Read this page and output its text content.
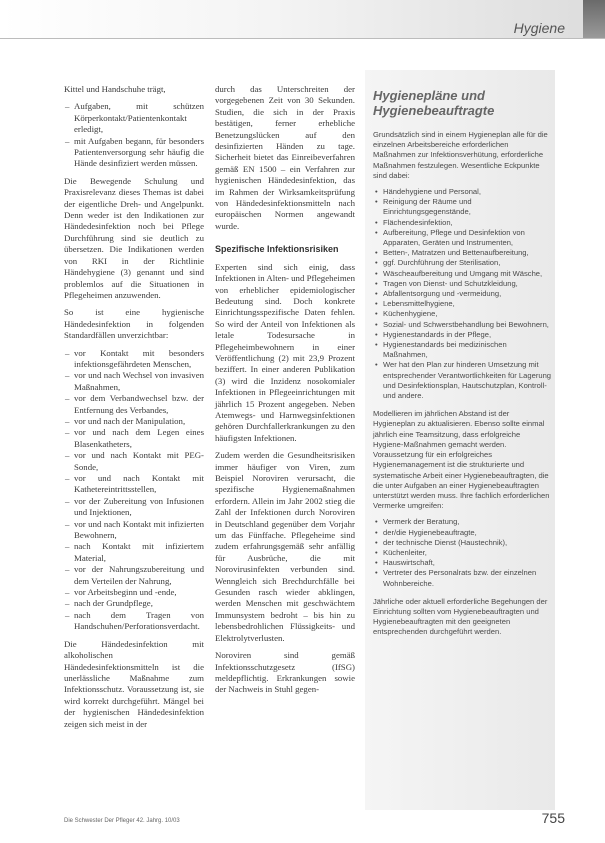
Hygiene

Kittel und Handschuhe trägt,

– Aufgaben, mit schützen Körperkontakt/Patientenkontakt erledigt,
– mit Aufgaben begann, für besonders Patientenversorgung sehr häufig die Hände desinfiziert werden müssen.

Die Bewegende Schulung und Praxisrelevanz dieses Themas ist dabei der eigentliche Dreh- und Angelpunkt. Denn weder ist den Indikationen zur Händedesinfektion noch bei Pflege Durchführung sind sie deutlich zu übersetzen. Die Indikationen werden von RKI in der Richtlinie Händehygiene (3) genannt und sind problemlos auf die Situationen in Pflegeheimen anzuwenden.

So ist eine hygienische Händedesinfektion in folgenden Standardfällen unverzichtbar:

– vor Kontakt mit besonders infektionsgefährdeten Menschen,
– vor und nach Wechsel von invasiven Maßnahmen,
– vor dem Verbandwechsel bzw. der Entfernung des Verbandes,
– vor und nach der Manipulation,
– vor und nach dem Legen eines Blasenkatheters,
– vor und nach Kontakt mit PEG-Sonde,
– vor und nach Kontakt mit Kathetereintrittsstellen,
– vor der Zubereitung von Infusionen und Injektionen,
– vor und nach Kontakt mit infizierten Bewohnern,
– nach Kontakt mit infiziertem Material,
– vor der Nahrungszubereitung und dem Verteilen der Nahrung,
– vor Arbeitsbeginn und -ende,
– nach der Grundpflege,
– nach dem Tragen von Handschuhen/Perforationsverdacht.

Die Händedesinfektion mit alkoholischen Händedesinfektionsmitteln ist die unerlässliche Maßnahme zum Infektionsschutz. Voraussetzung ist, sie wird korrekt durchgeführt. Mängel bei der hygienischen Händedesinfektion zeigen sich meist in der

durch das Unterschreiten der vorgegebenen Zeit von 30 Sekunden. Studien, die sich in der Praxis bestätigen, ferner erhebliche Benetzungslücken auf den desinfizierten Händen zu tage. Sicherheit bietet das Einreibeverfahren gemäß EN 1500 – ein Verfahren zur hygienischen Händedesinfektion, das im Rahmen der Wirksamkeitsprüfung von Händedesinfektionsmitteln nach europäischen Normen angewandt wurde.

Spezifische Infektionsrisiken

Experten sind sich einig, dass Infektionen in Alten- und Pflegeheimen von erheblicher epidemiologischer Bedeutung sind. Doch konkrete Einrichtungsspezifische Daten fehlen. So wird der Anteil von Infektionen als letale Todesursache in Pflegeheimbewohnern in einer Veröffentlichung (2) mit 23,9 Prozent beziffert. In einer anderen Publikation (3) wird die Inzidenz nosokomialer Infektionen in Pflegeeinrichtungen mit jährlich 15 Prozent angegeben. Neben Atemwegs- und Harnwegsinfektionen gehören Durchfallerkrankungen zu den häufigsten Infektionen.

Zudem werden die Gesundheitsrisiken immer häufiger von Viren, zum Beispiel Noroviren verursacht, die spezifische Hygienemaßnahmen erfordern. Allein im Jahr 2002 stieg die Zahl der Infektionen durch Noroviren in Deutschland gegenüber dem Vorjahr um das Fünffache. Pflegeheime sind zudem erfahrungsgemäß sehr anfällig für Ausbrüche, die mit Norovirusinfekten verbunden sind. Wenngleich sich Brechdurchfälle bei Gesunden rasch wieder abklingen, werden Menschen mit geschwächtem Immunsystem bedroht – bis hin zu lebensbedrohlichen Flüssigkeits- und Elektrolytverlusten.

Noroviren sind gemäß Infektionsschutzgesetz (IfSG) meldepflichtig. Erkrankungen sowie der Nachweis in Stuhl gegen-

Hygienepläne und Hygienebeauftragte

Grundsätzlich sind in einem Hygieneplan alle für die einzelnen Arbeitsbereiche erforderlichen Maßnahmen zur Infektionsverhütung, erforderliche Maßnahmen festzulegen. Wesentliche Eckpunkte sind dabei:

• Händehygiene und Personal,
• Reinigung der Räume und Einrichtungsgegenstände,
• Flächendesinfektion,
• Aufbereitung, Pflege und Desinfektion von Apparaten, Geräten und Instrumenten,
• Betten-, Matratzen und Bettenaufbereitung,
• ggf. Durchführung der Sterilisation,
• Wäscheaufbereitung und Umgang mit Wäsche,
• Tragen von Dienst- und Schutzkleidung,
• Abfallentsorgung und -vermeidung,
• Lebensmittelhygiene,
• Küchenhygiene,
• Sozial- und Schwerstbehandlung bei Bewohnern,
• Hygienestandards in der Pflege,
• Hygienestandards bei medizinischen Maßnahmen,
• Wer hat den Plan zur hinderen Umsetzung mit entsprechender Verantwortlichkeiten für Lagerung und Desinfektionsplan, Hautschutzplan, Kontroll- und andere.

Modellieren im jährlichen Abstand ist der Hygieneplan zu aktualisieren. Ebenso sollte einmal jährlich eine Teamsitzung, dass erfolgreiche Hygiene-Maßnahmen gemacht werden. Voraussetzung für ein erfolgreiches Hygienemanagement ist die strukturierte und systematische Arbeit einer Hygienebeauftragten, die die unter Aufgaben an einer Hygienebeauftragten unterstützt werden muss. Ihre fachlich erforderlichen Vermerke umgreifen:

• Vermerk der Beratung,
• der/die Hygienebeauftragte,
• der technische Dienst (Haustechnik),
• Küchenleiter,
• Hauswirtschaft,
• Vertreter des Personalrats bzw. der einzelnen Wohnbereiche.

Jährliche oder aktuell erforderliche Begehungen der Einrichtung sollten vom Hygienebeauftragten und Hygienebeauftragten mit den geeigneten entsprechenden durchgeführt werden.

Die Schwester Der Pfleger 42. Jahrg. 10/03	755
